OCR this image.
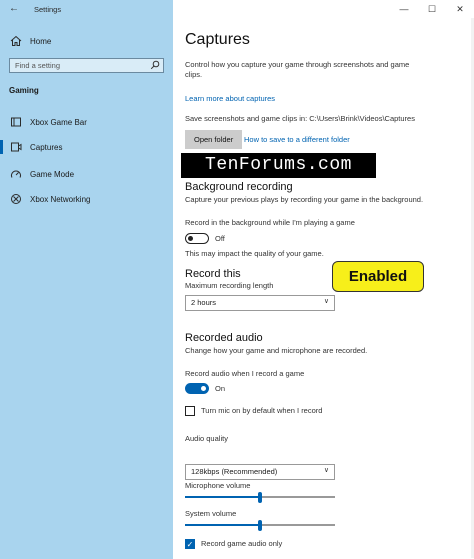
← Settings
Home
Find a setting
Gaming
Xbox Game Bar
Captures
Game Mode
Xbox Networking
—	☐	✕
Captures
Control how you capture your game through screenshots and game clips.
Learn more about captures
Save screenshots and game clips in: C:\Users\Brink\Videos\Captures
Open folder	How to save to a different folder
Background recording
Capture your previous plays by recording your game in the background.
Record in the background while I'm playing a game
Off
This may impact the quality of your game.
Record this
Maximum recording length
2 hours	∨
Recorded audio
Change how your game and microphone are recorded.
Record audio when I record a game
On
Turn mic on by default when I record
Audio quality
128kbps (Recommended)	∨
Microphone volume
System volume
✓ Record game audio only
TenForums.com
Enabled
